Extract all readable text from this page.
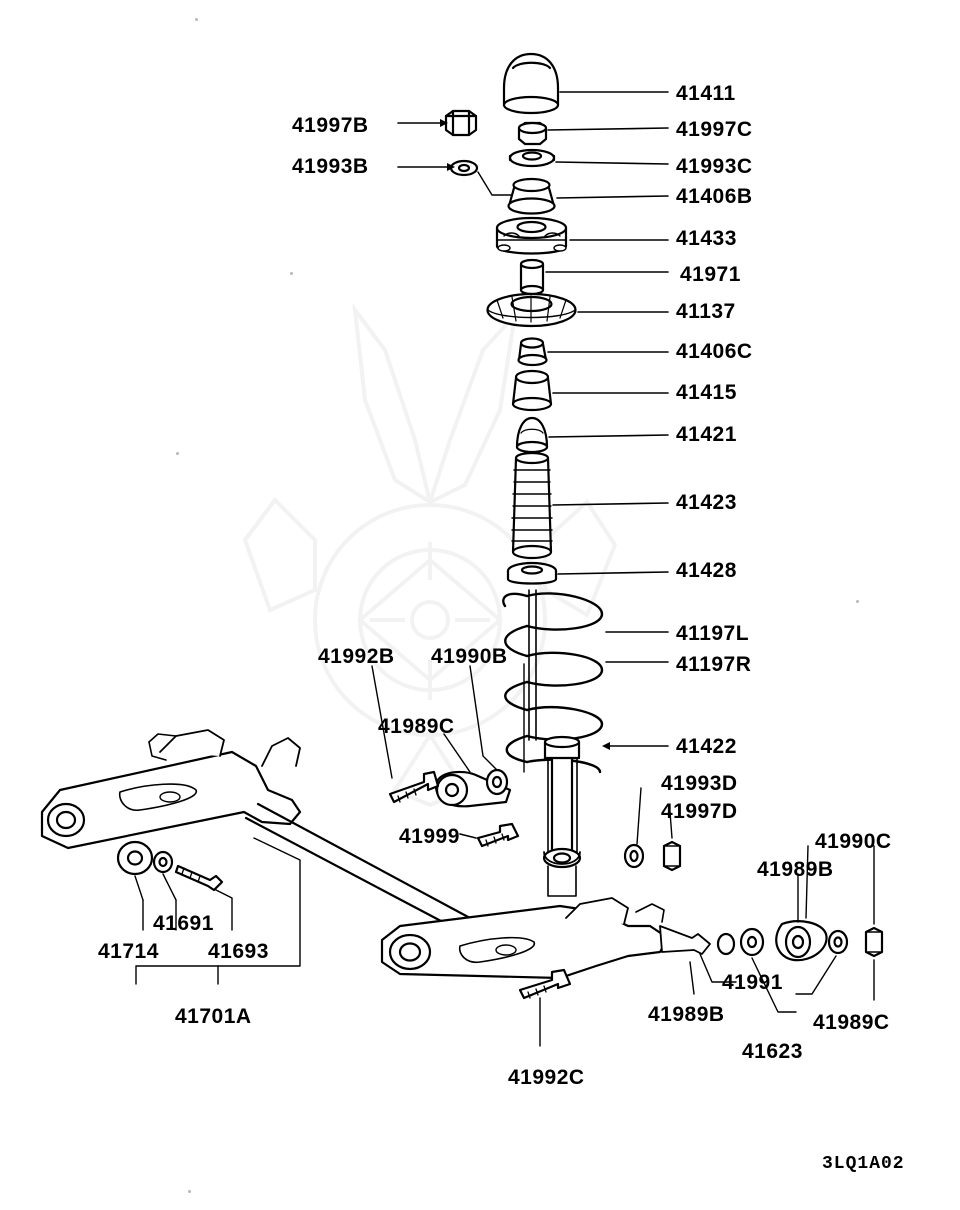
41411
41997B	41997C
41993B	41993C
41406B
41433
41971
41137
41406C
41415
41421
41423
41428
41197L
41197R
41992B 41990B
41989C
41422
41993D
41997D
41999	41990C
41989B
41691
41714 41693
41991
41701A	41989B	41989C
41623
41992C
3LQ1A02
